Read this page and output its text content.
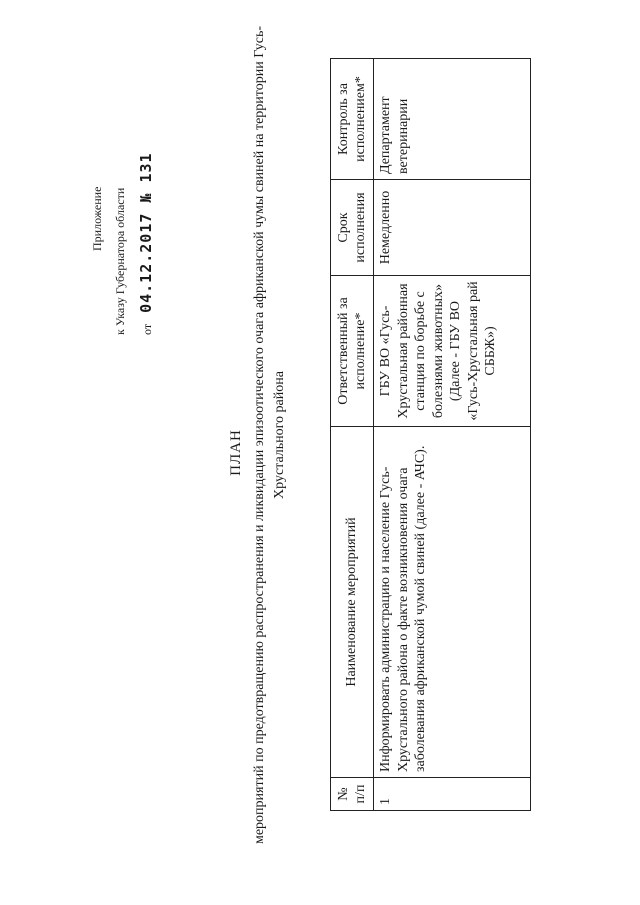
Приложение к Указу Губернатора области	от 04.12.2017 № 131
ПЛАН мероприятий по предотвращению распространения и ликвидации эпизоотического очага африканской чумы свиней на территории Гусь-Хрустального района
№ п/п	Наименование мероприятий	Ответственный за исполнение*	Срок исполнения	Контроль за исполнением*
1	Информировать администрацию и население Гусь-Хрустального района о факте возникновения очага заболевания африканской чумой свиней (далее - АЧС).	ГБУ ВО «Гусь-Хрустальная районная станция по борьбе с болезнями животных» (Далее - ГБУ ВО «Гусь-Хрустальная рай СББЖ»)	Немедленно	Департамент ветеринарии
